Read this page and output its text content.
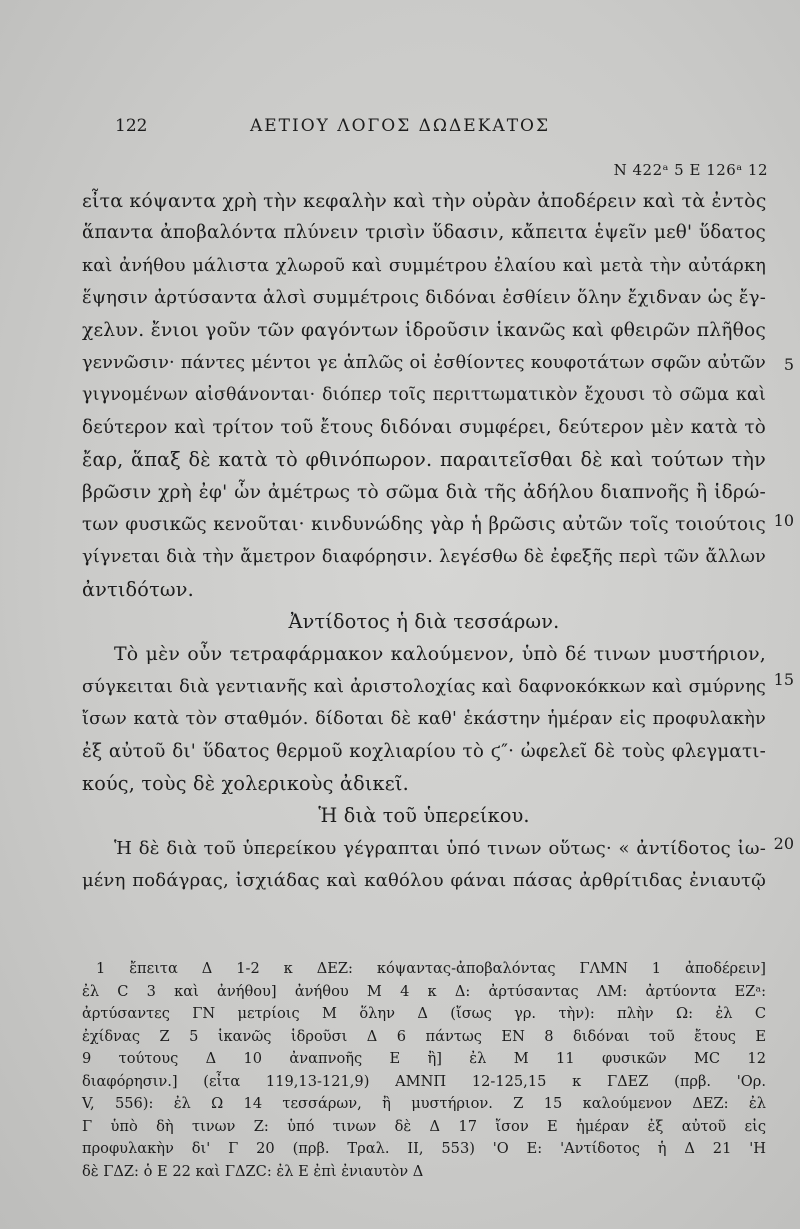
122	ΑΕΤΙΟΥ ΛΟΓΟΣ ΔΩΔΕΚΑΤΟΣ
N 422ᵃ 5 E 126ᵃ 12
εἶτα κόψαντα χρὴ τὴν κεφαλὴν καὶ τὴν οὐρὰν ἀποδέρειν καὶ τὰ ἐντὸς
ἅπαντα ἀποβαλόντα πλύνειν τρισὶν ὕδασιν, κἄπειτα ἑψεῖν μεθ' ὕδατος
καὶ ἀνήθου μάλιστα χλωροῦ καὶ συμμέτρου ἐλαίου καὶ μετὰ τὴν αὐτάρκη
ἕψησιν ἀρτύσαντα ἁλσὶ συμμέτροις διδόναι ἐσθίειν ὅλην ἔχιδναν ὡς ἔγ-
χελυν. ἔνιοι γοῦν τῶν φαγόντων ἱδροῦσιν ἱκανῶς καὶ φθειρῶν πλῆθος
γεννῶσιν· πάντες μέντοι γε ἁπλῶς οἱ ἐσθίοντες κουφοτάτων σφῶν αὐτῶν
γιγνομένων αἰσθάνονται· διόπερ τοῖς περιττωματικὸν ἔχουσι τὸ σῶμα καὶ
δεύτερον καὶ τρίτον τοῦ ἔτους διδόναι συμφέρει, δεύτερον μὲν κατὰ τὸ
ἔαρ, ἅπαξ δὲ κατὰ τὸ φθινόπωρον. παραιτεῖσθαι δὲ καὶ τούτων τὴν
βρῶσιν χρὴ ἐφ' ὧν ἀμέτρως τὸ σῶμα διὰ τῆς ἀδήλου διαπνοῆς ἢ ἱδρώ-
των φυσικῶς κενοῦται· κινδυνώδης γὰρ ἡ βρῶσις αὐτῶν τοῖς τοιούτοις
γίγνεται διὰ τὴν ἄμετρον διαφόρησιν. λεγέσθω δὲ ἐφεξῆς περὶ τῶν ἄλλων
ἀντιδότων.
Ἀντίδοτος ἡ διὰ τεσσάρων.
Τὸ μὲν οὖν τετραφάρμακον καλούμενον, ὑπὸ δέ τινων μυστήριον,
σύγκειται διὰ γεντιανῆς καὶ ἀριστολοχίας καὶ δαφνοκόκκων καὶ σμύρνης
ἴσων κατὰ τὸν σταθμόν. δίδοται δὲ καθ' ἑκάστην ἡμέραν εἰς προφυλακὴν
ἐξ αὐτοῦ δι' ὕδατος θερμοῦ κοχλιαρίου τὸ ϛ″· ὠφελεῖ δὲ τοὺς φλεγματι-
κούς, τοὺς δὲ χολερικοὺς ἀδικεῖ.
Ἡ διὰ τοῦ ὑπερείκου.
Ἡ δὲ διὰ τοῦ ὑπερείκου γέγραπται ὑπό τινων οὕτως· « ἀντίδοτος ἰω-
μένη ποδάγρας, ἰσχιάδας καὶ καθόλου φάναι πάσας ἀρθρίτιδας ἐνιαυτῷ
5
10
15
20
1 ἔπειτα Δ 1-2 κ ΔΕΖ: κόψαντας-ἀποβαλόντας ΓΛΜΝ 1 ἀποδέρειν]
ἐλ C 3 καὶ ἀνήθου] ἀνήθου Μ 4 κ Δ: ἀρτύσαντας ΛΜ: ἀρτύοντα ΕΖᵃ:
ἀρτύσαντες ΓΝ μετρίοις Μ ὅλην Δ (ἴσως γρ. τὴν): πλὴν Ω: ἐλ C
ἐχίδνας Ζ 5 ἱκανῶς ἱδροῦσι Δ 6 πάντως ΕΝ 8 διδόναι τοῦ ἔτους Ε
9 τούτους Δ 10 ἀναπνοῆς Ε ἢ] ἐλ Μ 11 φυσικῶν ΜC 12
διαφόρησιν.] (εἶτα 119,13-121,9) ΑΜΝΠ 12-125,15 κ ΓΔΕΖ (πρβ. 'Ορ.
V, 556): ἐλ Ω 14 τεσσάρων, ἢ μυστήριον. Ζ 15 καλούμενον ΔΕΖ: ἐλ
Γ ὑπὸ δὴ τινων Ζ: ὑπό τινων δὲ Δ 17 ἴσον Ε ἡμέραν ἐξ αὐτοῦ εἰς
προφυλακὴν δι' Γ 20 (πρβ. Τραλ. ΙΙ, 553) 'Ο Ε: 'Αντίδοτος ἡ Δ 21 'Η
δὲ ΓΔΖ: ὁ Ε 22 καὶ ΓΔΖC: ἐλ Ε ἐπὶ ἐνιαυτὸν Δ
